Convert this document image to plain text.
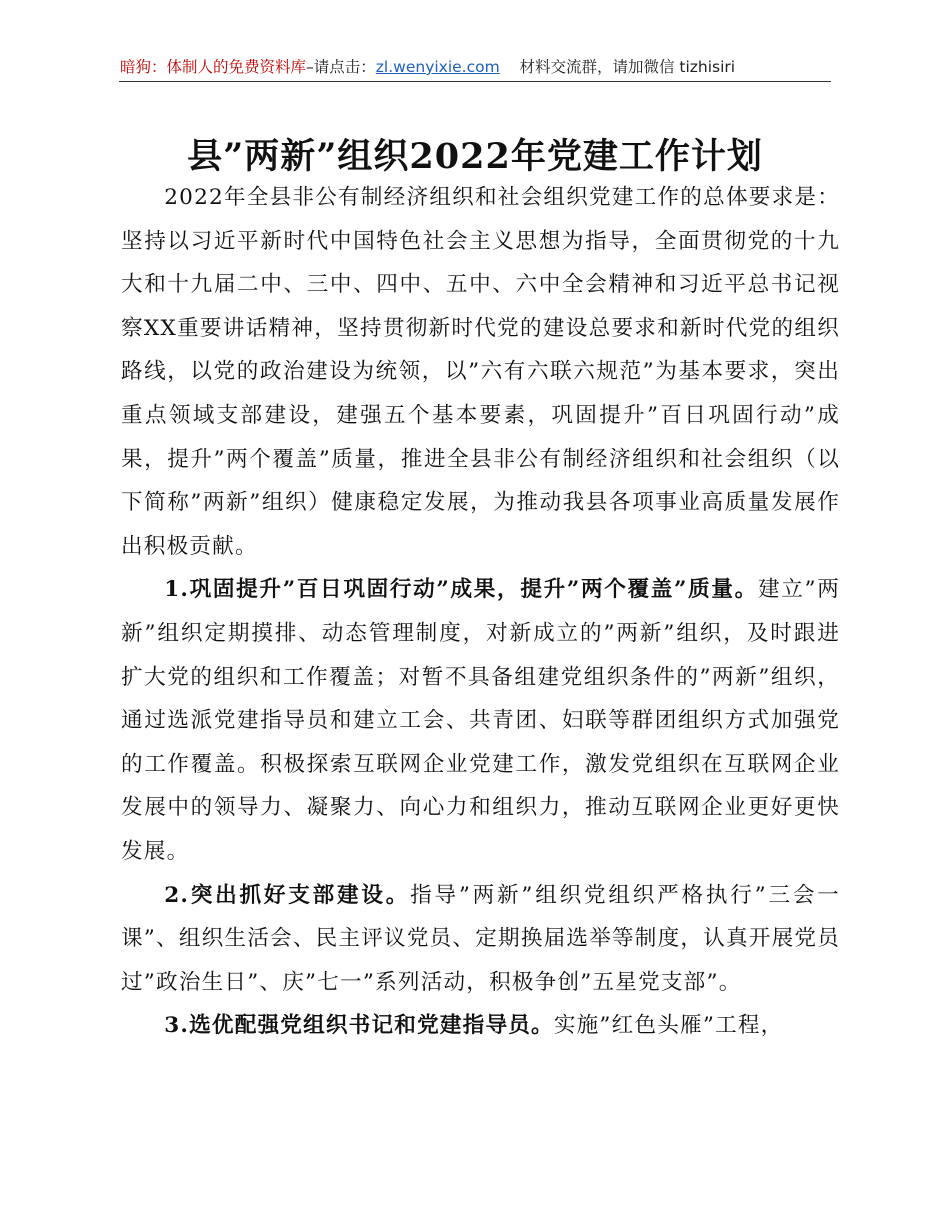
暗狗：体制人的免费资料库–请点击：zl.wenyixie.com 材料交流群，请加微信 tizhisiri
县”两新”组织2022年党建工作计划

2022年全县非公有制经济组织和社会组织党建工作的总体要求是：坚持以习近平新时代中国特色社会主义思想为指导，全面贯彻党的十九大和十九届二中、三中、四中、五中、六中全会精神和习近平总书记视察XX重要讲话精神，坚持贯彻新时代党的建设总要求和新时代党的组织路线，以党的政治建设为统领，以”六有六联六规范”为基本要求，突出重点领域支部建设，建强五个基本要素，巩固提升”百日巩固行动”成果，提升”两个覆盖”质量，推进全县非公有制经济组织和社会组织（以下简称”两新”组织）健康稳定发展，为推动我县各项事业高质量发展作出积极贡献。

1.巩固提升”百日巩固行动”成果，提升”两个覆盖”质量。建立”两新”组织定期摸排、动态管理制度，对新成立的”两新”组织，及时跟进扩大党的组织和工作覆盖；对暂不具备组建党组织条件的”两新”组织，通过选派党建指导员和建立工会、共青团、妇联等群团组织方式加强党的工作覆盖。积极探索互联网企业党建工作，激发党组织在互联网企业发展中的领导力、凝聚力、向心力和组织力，推动互联网企业更好更快发展。

2.突出抓好支部建设。指导”两新”组织党组织严格执行”三会一课”、组织生活会、民主评议党员、定期换届选举等制度，认真开展党员过”政治生日”、庆”七一”系列活动，积极争创”五星党支部”。

3.选优配强党组织书记和党建指导员。实施”红色头雁”工程，
